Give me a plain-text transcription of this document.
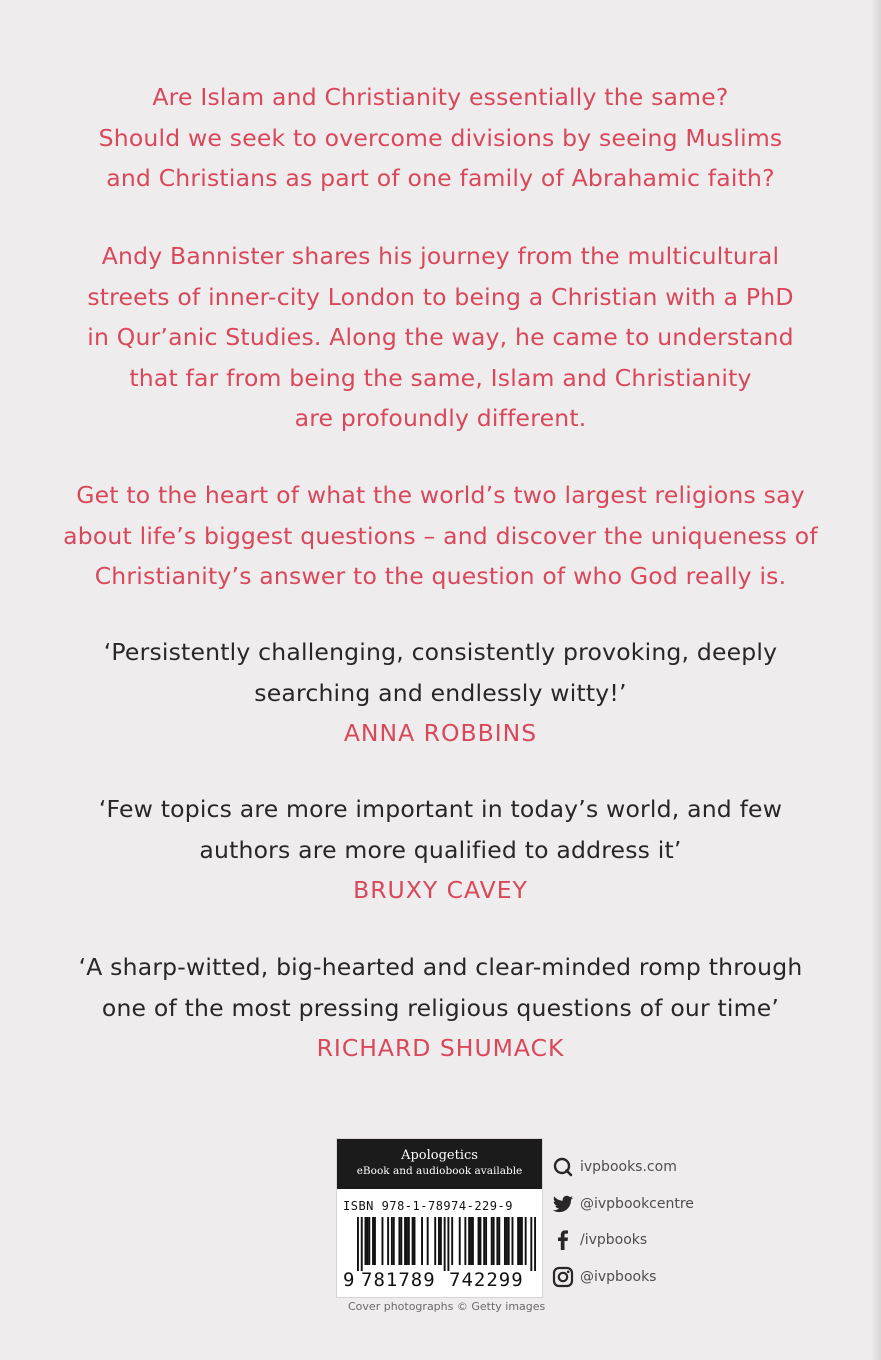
Are Islam and Christianity essentially the same?
Should we seek to overcome divisions by seeing Muslims
and Christians as part of one family of Abrahamic faith?
Andy Bannister shares his journey from the multicultural
streets of inner-city London to being a Christian with a PhD
in Qur’anic Studies. Along the way, he came to understand
that far from being the same, Islam and Christianity
are profoundly different.
Get to the heart of what the world’s two largest religions say
about life’s biggest questions – and discover the uniqueness of
Christianity’s answer to the question of who God really is.
‘Persistently challenging, consistently provoking, deeply
searching and endlessly witty!’
ANNA ROBBINS
‘Few topics are more important in today’s world, and few
authors are more qualified to address it’
BRUXY CAVEY
‘A sharp-witted, big-hearted and clear-minded romp through
one of the most pressing religious questions of our time’
RICHARD SHUMACK
Apologetics
eBook and audiobook available
ISBN 978-1-78974-229-9
9 781789 742299
Cover photographs © Getty images
ivpbooks.com
@ivpbookcentre
/ivpbooks
@ivpbooks
